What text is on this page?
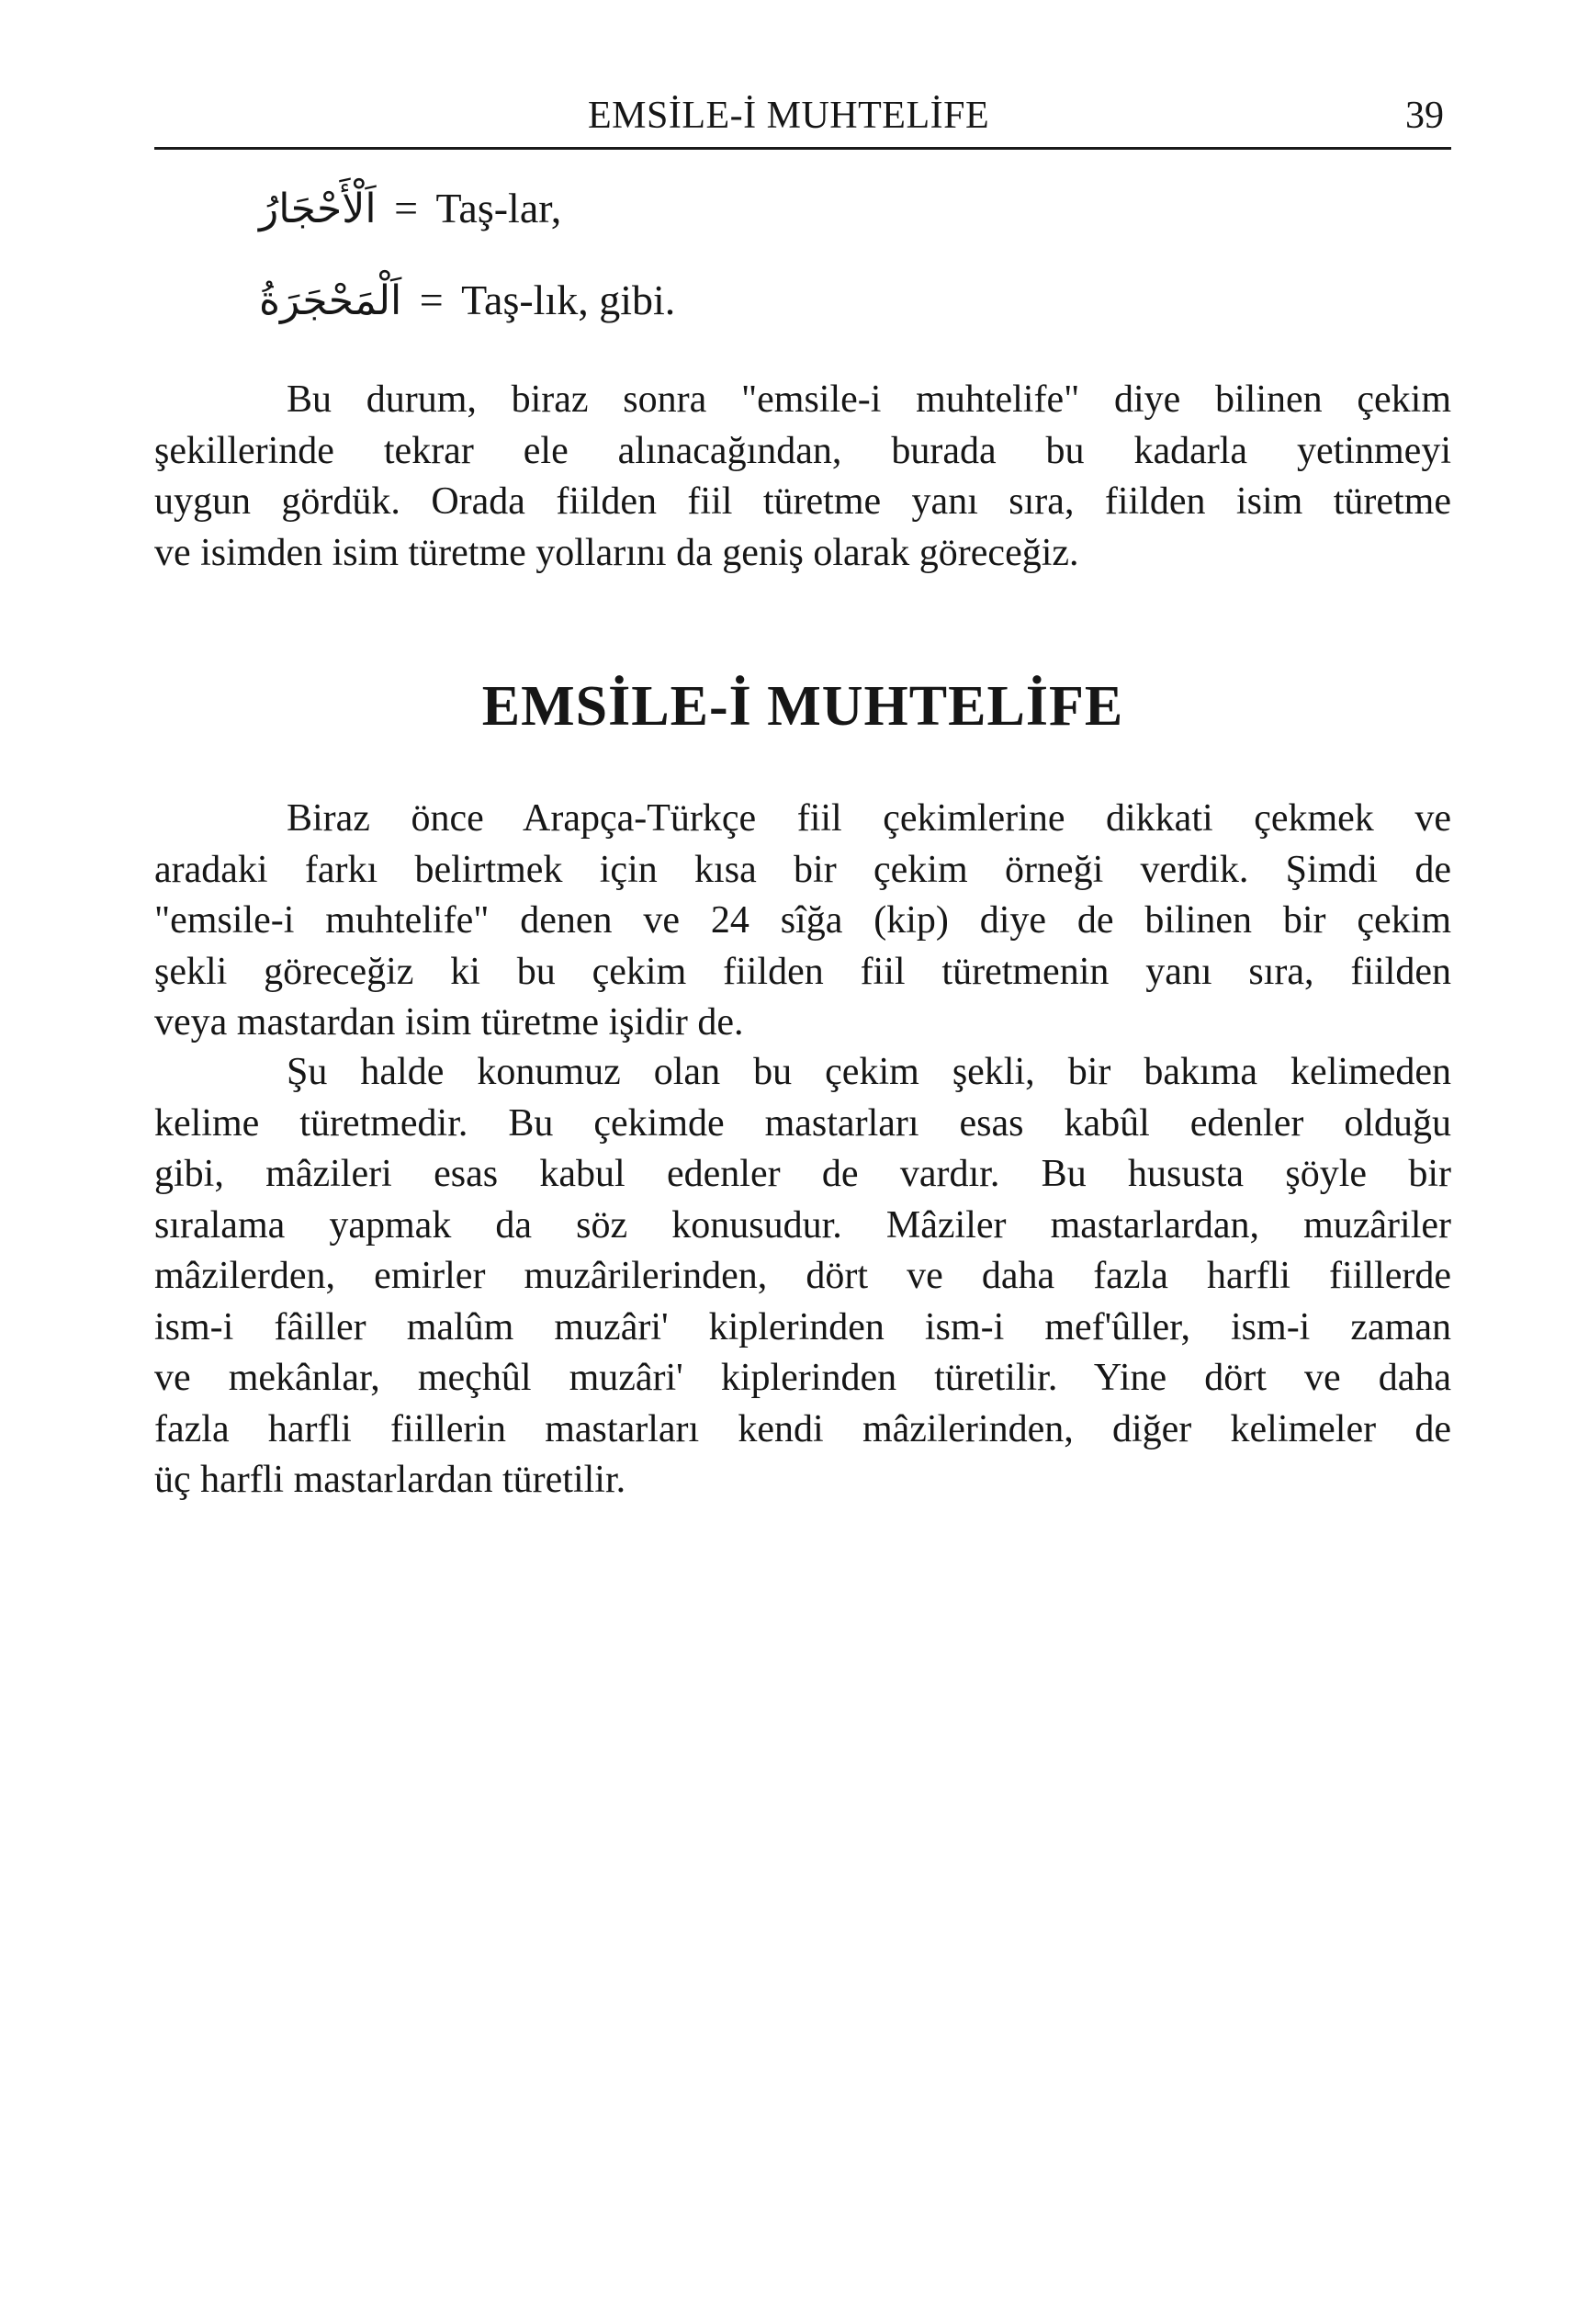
EMSİLE-İ MUHTELİFE	39
اَلْأَحْجَارُ = Taş-lar,
اَلْمَحْجَرَةُ = Taş-lık, gibi.

Bu durum, biraz sonra "emsile-i muhtelife" diye bilinen çekim
şekillerinde tekrar ele alınacağından, burada bu kadarla yetinmeyi
uygun gördük. Orada fiilden fiil türetme yanı sıra, fiilden isim türetme
ve isimden isim türetme yollarını da geniş olarak göreceğiz.

EMSİLE-İ MUHTELİFE

Biraz önce Arapça-Türkçe fiil çekimlerine dikkati çekmek ve
aradaki farkı belirtmek için kısa bir çekim örneği verdik. Şimdi de
"emsile-i muhtelife" denen ve 24 sîğa (kip) diye de bilinen bir çekim
şekli göreceğiz ki bu çekim fiilden fiil türetmenin yanı sıra, fiilden
veya mastardan isim türetme işidir de.

Şu halde konumuz olan bu çekim şekli, bir bakıma kelimeden
kelime türetmedir. Bu çekimde mastarları esas kabûl edenler olduğu
gibi, mâzileri esas kabul edenler de vardır. Bu hususta şöyle bir
sıralama yapmak da söz konusudur. Mâziler mastarlardan, muzâriler
mâzilerden, emirler muzârilerinden, dört ve daha fazla harfli fiillerde
ism-i fâiller malûm muzâri' kiplerinden ism-i mef'ûller, ism-i zaman
ve mekânlar, meçhûl muzâri' kiplerinden türetilir. Yine dört ve daha
fazla harfli fiillerin mastarları kendi mâzilerinden, diğer kelimeler de
üç harfli mastarlardan türetilir.
